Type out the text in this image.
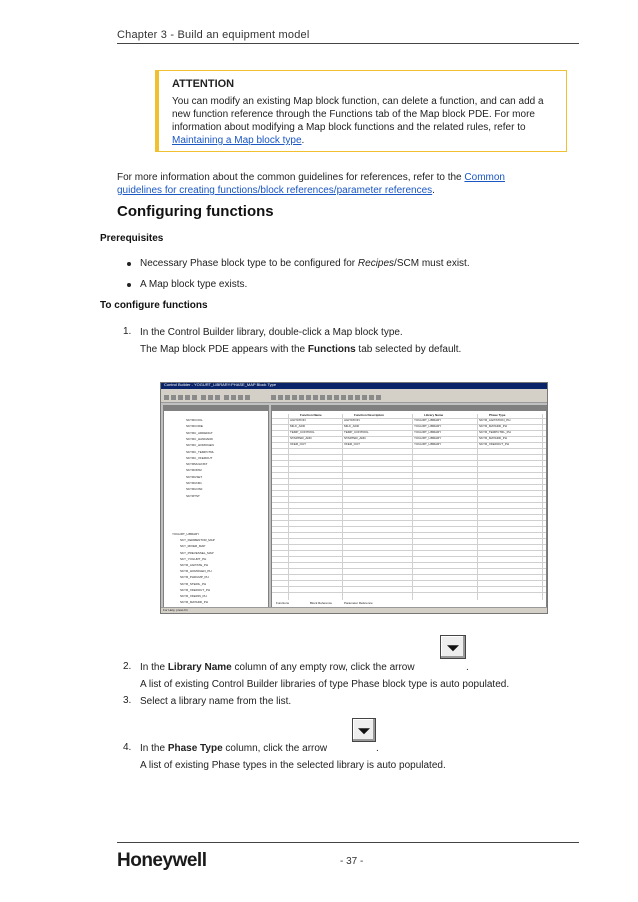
Chapter 3 - Build an equipment model
ATTENTION
You can modify an existing Map block function, can delete a function, and can add a new function reference through the Functions tab of the Map block PDE. For more information about modifying a Map block functions and the related rules, refer to Maintaining a Map block type.
For more information about the common guidelines for references, refer to the Common
guidelines for creating functions/block references/parameter references.
Configuring functions
Prerequisites
Necessary Phase block type to be configured for Recipes/SCM must exist.
A Map block type exists.
To configure functions
1. In the Control Builder library, double-click a Map block type.
The Map block PDE appears with the Functions tab selected by default.
Control Builder - YOGURT_LIBRARY:PHASE_MAP Block Type
SKYRCOOL
SKYRCODE
SKYRC_ADDEDGT
SKYRC_HANDADD
SKYRC_HOMOGEN
SKYRC_TEMPCTRL
SKYRC_XFEROUT
SKYRMULINST
SKYROP02
SKYRUSET
SKYRUN01
SKYRUOS0
SKYRTST
YOGURT_LIBRARY
SKY_FERMENTOR_MAP
SKY_MIXER_MAP
SKY_PREVESSEL_MAP
SKY_YOGURT_PH
SKYR_AGITATE_PH
SKYR_HOMOGEN_PH
SKYR_PHDUMP_PH
SKYR_STERIL_PH
SKYR_XFEROUT_PH
SKYR_XFERIN_PH
SKYR_MATADD_PH
Function Name	Function Description	Library Name	Phase Type
AGITATION	AGITATION	YOGURT_LIBRARY	SKYR_AGITATION_PH
MILK_ADD	MILK_ADD	YOGURT_LIBRARY	SKYR_MATADD_PH
TEMP_CONTROL	TEMP_CONTROL	YOGURT_LIBRARY	SKYR_TEMPCTRL_PH
STARTER_ADD	STARTER_ADD	YOGURT_LIBRARY	SKYR_MATADD_PH
XFER_OUT	XFER_OUT	YOGURT_LIBRARY	SKYR_XFEROUT_PH
Functions	Block Reference	Parameter Reference
For Help, press F1
2. In the Library Name column of any empty row, click the arrow	.
A list of existing Control Builder libraries of type Phase block type is auto populated.
3. Select a library name from the list.
4. In the Phase Type column, click the arrow	.
A list of existing Phase types in the selected library is auto populated.
Honeywell	- 37 -
